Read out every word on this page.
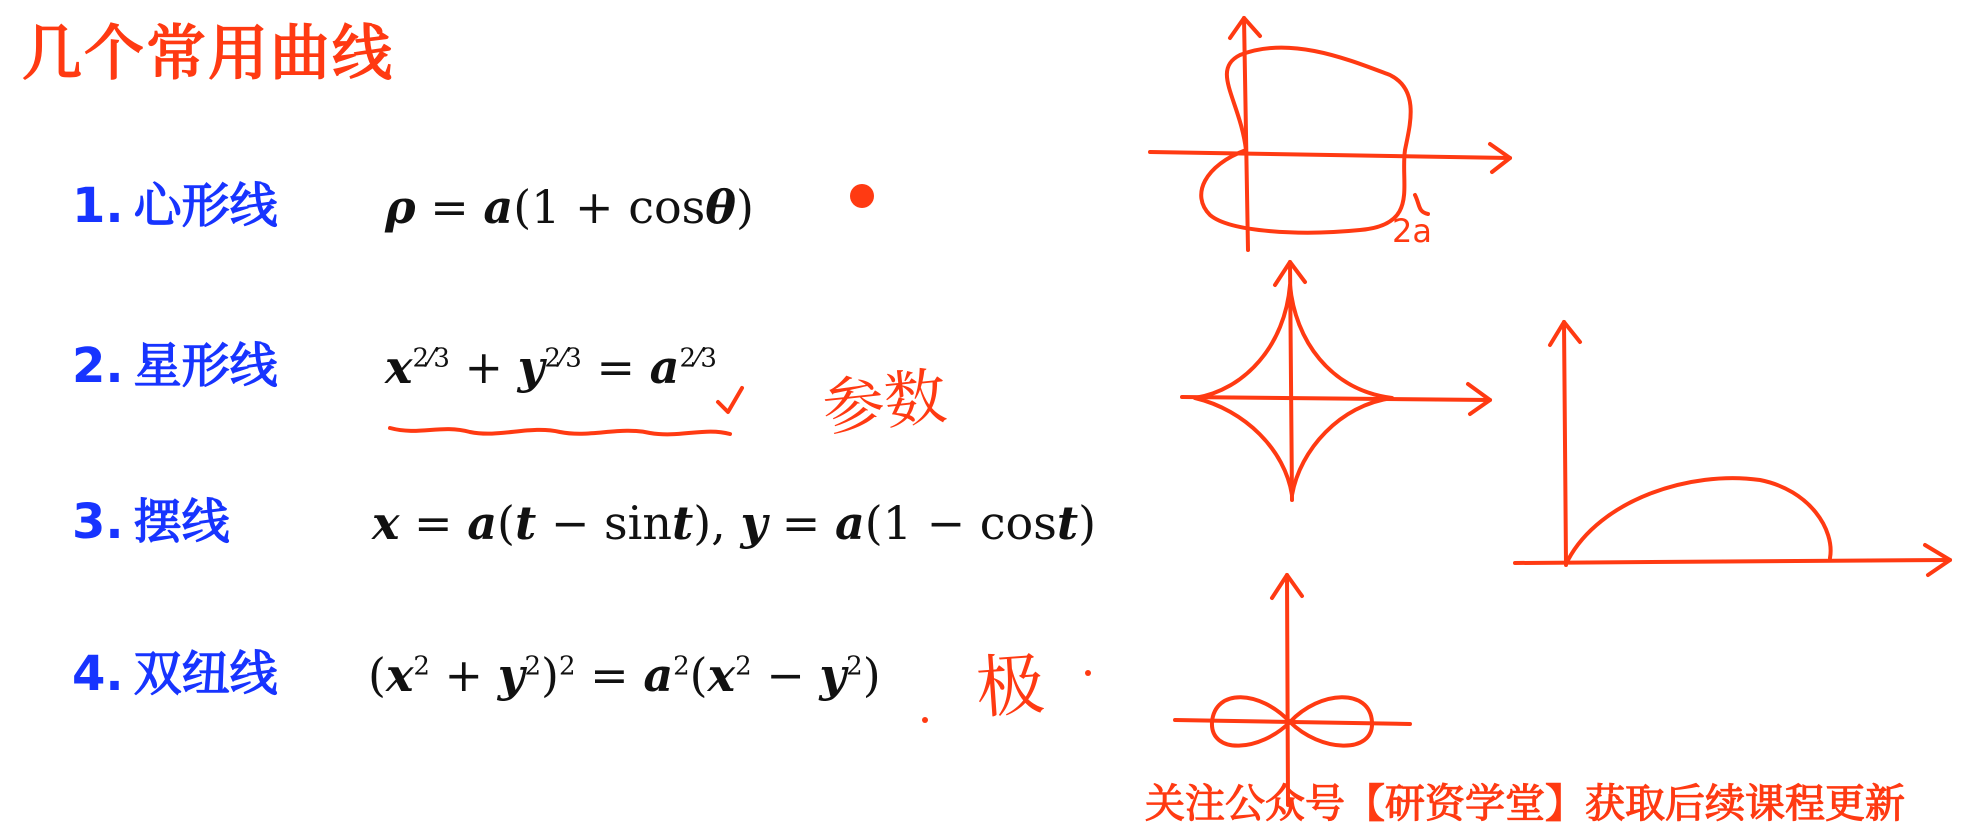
几个常用曲线
1. 心形线 ρ = a(1 + cosθ)
2. 星形线 $x^{2⁄3} + y^{2⁄3} = a^{2⁄3}$
3. 摆线	x = a(t − sint), y = a(1 − cost)
4. 双纽线 $(x^2 + y^2)^2 = a^2(x^2 - y^2)$
2a
参数
极
关注公众号【研资学堂】获取后续课程更新
